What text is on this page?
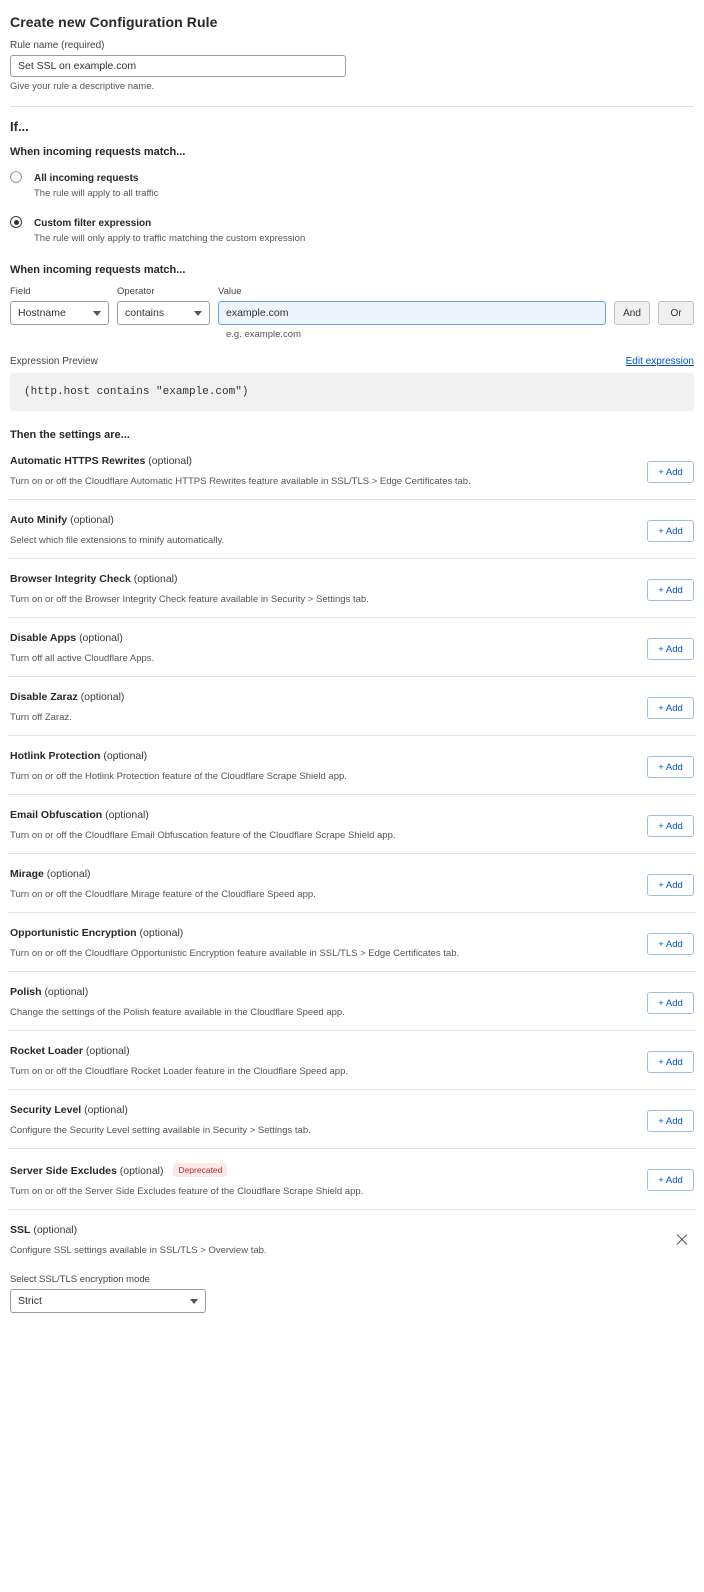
Create new Configuration Rule
Rule name (required)
Set SSL on example.com
Give your rule a descriptive name.
If...
When incoming requests match...
All incoming requests
The rule will apply to all traffic
Custom filter expression
The rule will only apply to traffic matching the custom expression
When incoming requests match...
Field
Hostname
Operator
contains
Value
example.com
And	Or
e.g. example.com
Expression Preview	Edit expression
(http.host contains "example.com")
Then the settings are...
Automatic HTTPS Rewrites (optional)
Turn on or off the Cloudflare Automatic HTTPS Rewrites feature available in SSL/TLS > Edge Certificates tab.
+ Add
Auto Minify (optional)
Select which file extensions to minify automatically.
+ Add
Browser Integrity Check (optional)
Turn on or off the Browser Integrity Check feature available in Security > Settings tab.
+ Add
Disable Apps (optional)
Turn off all active Cloudflare Apps.
+ Add
Disable Zaraz (optional)
Turn off Zaraz.
+ Add
Hotlink Protection (optional)
Turn on or off the Hotlink Protection feature of the Cloudflare Scrape Shield app.
+ Add
Email Obfuscation (optional)
Turn on or off the Cloudflare Email Obfuscation feature of the Cloudflare Scrape Shield app.
+ Add
Mirage (optional)
Turn on or off the Cloudflare Mirage feature of the Cloudflare Speed app.
+ Add
Opportunistic Encryption (optional)
Turn on or off the Cloudflare Opportunistic Encryption feature available in SSL/TLS > Edge Certificates tab.
+ Add
Polish (optional)
Change the settings of the Polish feature available in the Cloudflare Speed app.
+ Add
Rocket Loader (optional)
Turn on or off the Cloudflare Rocket Loader feature in the Cloudflare Speed app.
+ Add
Security Level (optional)
Configure the Security Level setting available in Security > Settings tab.
+ Add
Server Side Excludes (optional) Deprecated
Turn on or off the Server Side Excludes feature of the Cloudflare Scrape Shield app.
+ Add
SSL (optional)
Configure SSL settings available in SSL/TLS > Overview tab.
Select SSL/TLS encryption mode
Strict
